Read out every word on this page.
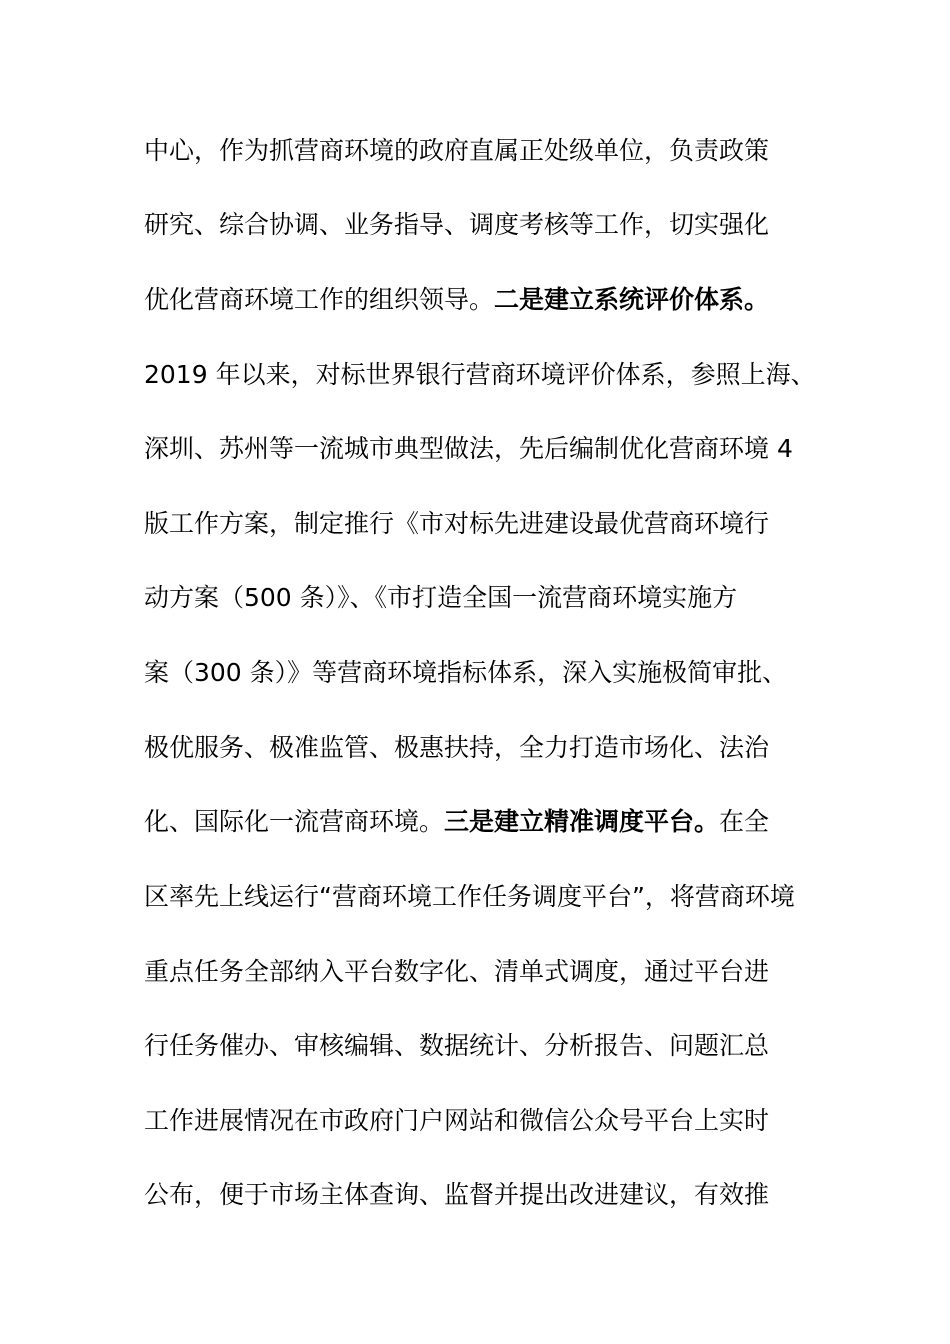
中心，作为抓营商环境的政府直属正处级单位，负责政策
研究、综合协调、业务指导、调度考核等工作，切实强化
优化营商环境工作的组织领导。二是建立系统评价体系。
2019 年以来，对标世界银行营商环境评价体系，参照上海、
深圳、苏州等一流城市典型做法，先后编制优化营商环境 4
版工作方案，制定推行《市对标先进建设最优营商环境行
动方案（500 条）》、《市打造全国一流营商环境实施方
案（300 条）》等营商环境指标体系，深入实施极简审批、
极优服务、极准监管、极惠扶持，全力打造市场化、法治
化、国际化一流营商环境。三是建立精准调度平台。在全
区率先上线运行“营商环境工作任务调度平台”，将营商环境
重点任务全部纳入平台数字化、清单式调度，通过平台进
行任务催办、审核编辑、数据统计、分析报告、问题汇总
工作进展情况在市政府门户网站和微信公众号平台上实时
公布，便于市场主体查询、监督并提出改进建议，有效推
